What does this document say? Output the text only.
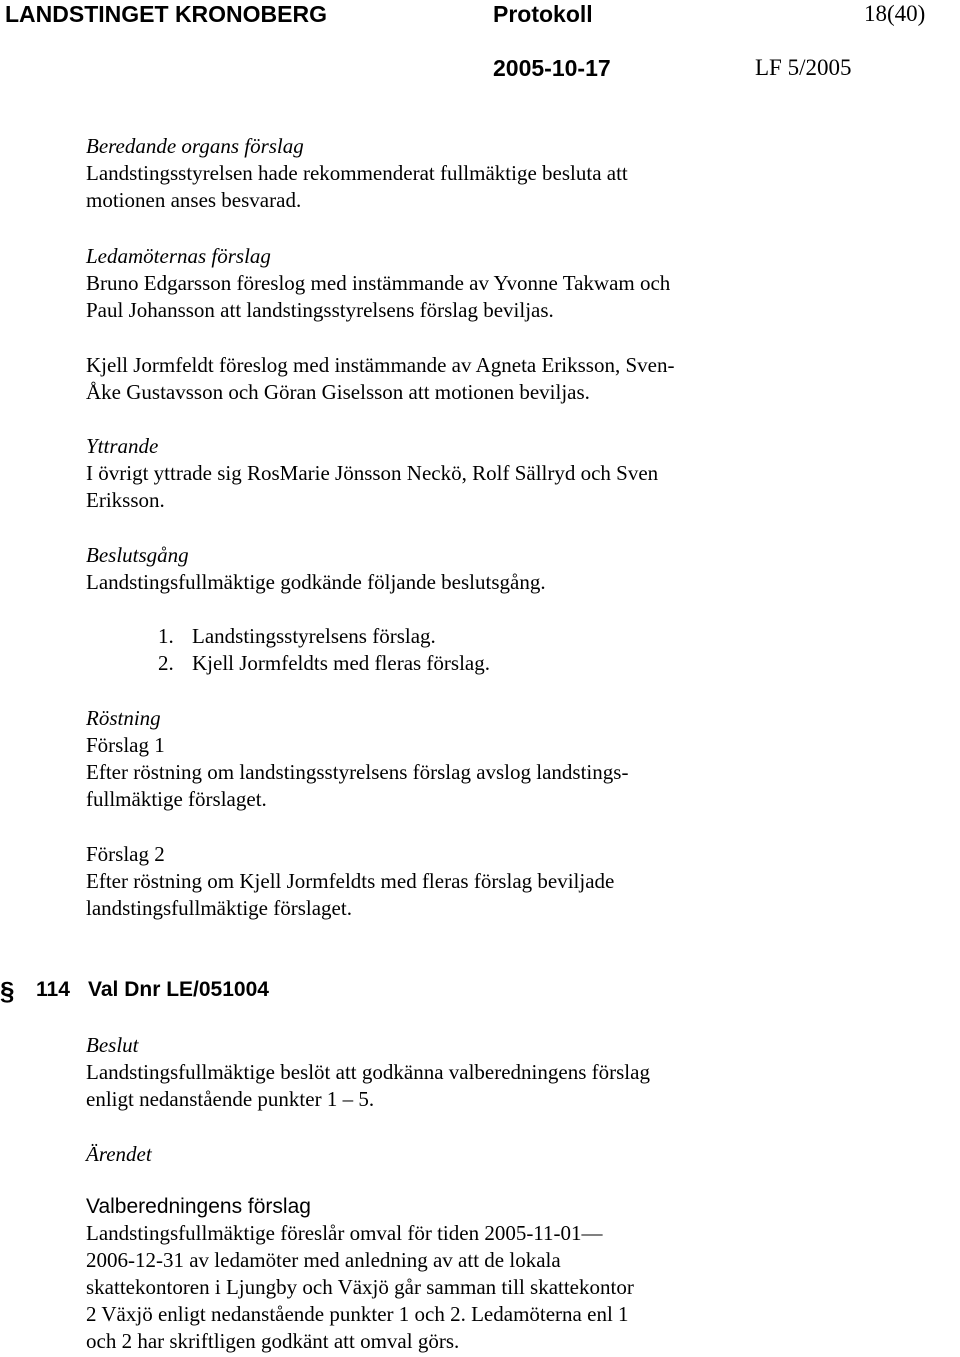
LANDSTINGET KRONOBERG	Protokoll	18(40)
2005-10-17	LF 5/2005
Beredande organs förslag
Landstingsstyrelsen hade rekommenderat fullmäktige besluta att
motionen anses besvarad.
Ledamöternas förslag
Bruno Edgarsson föreslog med instämmande av Yvonne Takwam och
Paul Johansson att landstingsstyrelsens förslag beviljas.
Kjell Jormfeldt föreslog med instämmande av Agneta Eriksson, Sven-
Åke Gustavsson och Göran Giselsson att motionen beviljas.
Yttrande
I övrigt yttrade sig RosMarie Jönsson Neckö, Rolf Sällryd och Sven
Eriksson.
Beslutsgång
Landstingsfullmäktige godkände följande beslutsgång.
1. Landstingsstyrelsens förslag.
2. Kjell Jormfeldts med fleras förslag.
Röstning
Förslag 1
Efter röstning om landstingsstyrelsens förslag avslog landstings-
fullmäktige förslaget.
Förslag 2
Efter röstning om Kjell Jormfeldts med fleras förslag beviljade
landstingsfullmäktige förslaget.
§ 114 Val Dnr LE/051004
Beslut
Landstingsfullmäktige beslöt att godkänna valberedningens förslag
enligt nedanstående punkter 1 – 5.
Ärendet
Valberedningens förslag
Landstingsfullmäktige föreslår omval för tiden 2005-11-01—
2006-12-31 av ledamöter med anledning av att de lokala
skattekontoren i Ljungby och Växjö går samman till skattekontor
2 Växjö enligt nedanstående punkter 1 och 2. Ledamöterna enl 1
och 2 har skriftligen godkänt att omval görs.
